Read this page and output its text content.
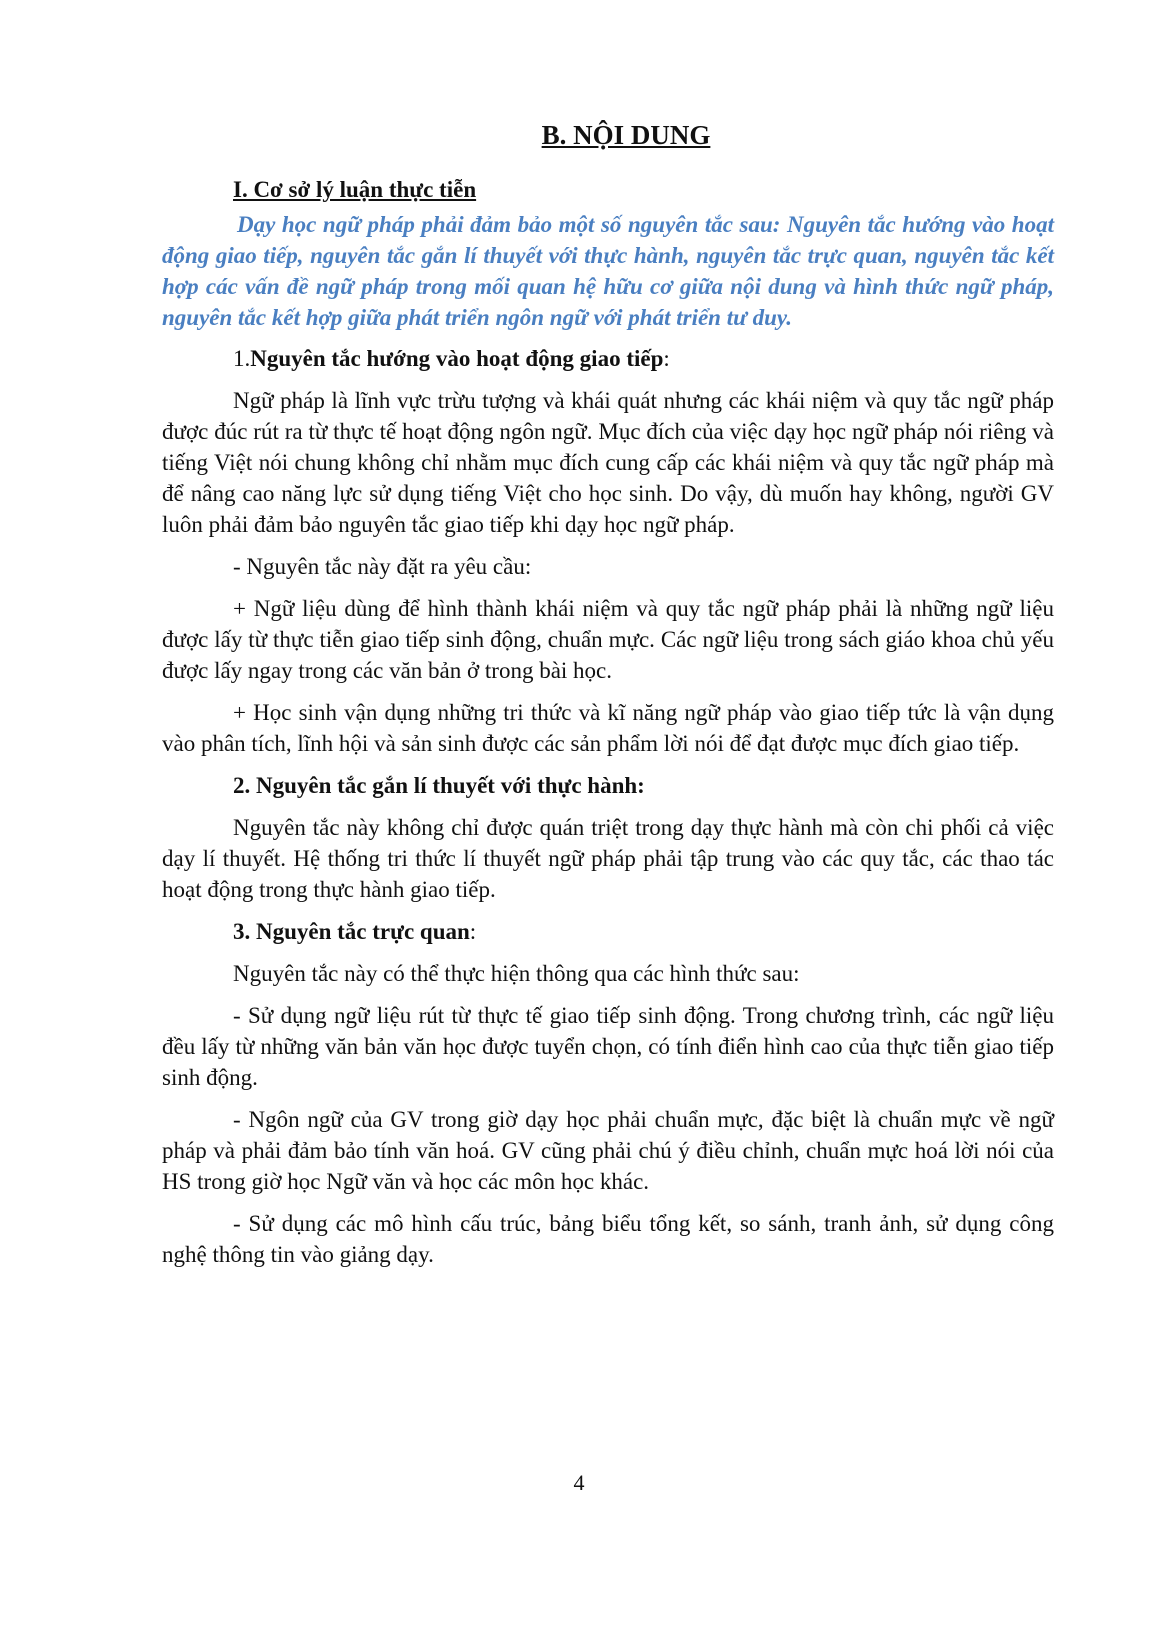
B. NỘI DUNG
I. Cơ sở lý luận thực tiễn

Dạy học ngữ pháp phải đảm bảo một số nguyên tắc sau: Nguyên tắc hướng vào hoạt động giao tiếp, nguyên tắc gắn lí thuyết với thực hành, nguyên tắc trực quan, nguyên tắc kết hợp các vấn đề ngữ pháp trong mối quan hệ hữu cơ giữa nội dung và hình thức ngữ pháp, nguyên tắc kết hợp giữa phát triển ngôn ngữ với phát triển tư duy.

1.Nguyên tắc hướng vào hoạt động giao tiếp:

Ngữ pháp là lĩnh vực trừu tượng và khái quát nhưng các khái niệm và quy tắc ngữ pháp được đúc rút ra từ thực tế hoạt động ngôn ngữ. Mục đích của việc dạy học ngữ pháp nói riêng và tiếng Việt nói chung không chỉ nhằm mục đích cung cấp các khái niệm và quy tắc ngữ pháp mà để nâng cao năng lực sử dụng tiếng Việt cho học sinh. Do vậy, dù muốn hay không, người GV luôn phải đảm bảo nguyên tắc giao tiếp khi dạy học ngữ pháp.

- Nguyên tắc này đặt ra yêu cầu:

+ Ngữ liệu dùng để hình thành khái niệm và quy tắc ngữ pháp phải là những ngữ liệu được lấy từ thực tiễn giao tiếp sinh động, chuẩn mực. Các ngữ liệu trong sách giáo khoa chủ yếu được lấy ngay trong các văn bản ở trong bài học.

+ Học sinh vận dụng những tri thức và kĩ năng ngữ pháp vào giao tiếp tức là vận dụng vào phân tích, lĩnh hội và sản sinh được các sản phẩm lời nói để đạt được mục đích giao tiếp.

2. Nguyên tắc gắn lí thuyết với thực hành:

Nguyên tắc này không chỉ được quán triệt trong dạy thực hành mà còn chi phối cả việc dạy lí thuyết. Hệ thống tri thức lí thuyết ngữ pháp phải tập trung vào các quy tắc, các thao tác hoạt động trong thực hành giao tiếp.

3. Nguyên tắc trực quan:

Nguyên tắc này có thể thực hiện thông qua các hình thức sau:

- Sử dụng ngữ liệu rút từ thực tế giao tiếp sinh động. Trong chương trình, các ngữ liệu đều lấy từ những văn bản văn học được tuyển chọn, có tính điển hình cao của thực tiễn giao tiếp sinh động.

- Ngôn ngữ của GV trong giờ dạy học phải chuẩn mực, đặc biệt là chuẩn mực về ngữ pháp và phải đảm bảo tính văn hoá. GV cũng phải chú ý điều chỉnh, chuẩn mực hoá lời nói của HS trong giờ học Ngữ văn và học các môn học khác.

- Sử dụng các mô hình cấu trúc, bảng biểu tổng kết, so sánh, tranh ảnh, sử dụng công nghệ thông tin vào giảng dạy.

4
